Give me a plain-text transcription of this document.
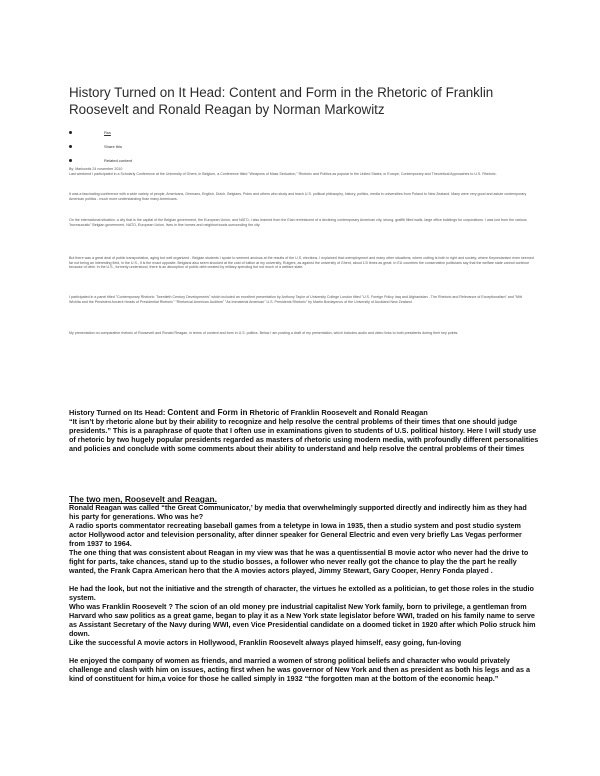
History Turned on It Head: Content and Form in the Rhetoric of Franklin Roosevelt and Ronald Reagan by Norman Markowitz
Rss
Share this
Related content
By: Markowitz 24 november 2010
Last weekend I participated in a Scholarly Conference at the University of Ghent, in Belgium, a Conference titled "Weapons of Mass Seduction," Rhetoric and Politics as popular in the United States, in Europe, Contemporary and Theoretical Approaches to U.S. Rhetoric.
It was a fascinating conference with a wide variety of people, Americans, Germans, English, Dutch, Belgians, Poles and others who study and teach U.S. political philosophy, history, politics, media in universities from Poland to New Zealand. Many were very good and astute contemporary American politics - much more understanding than many Americans.
On the international situation, a city that is the capital of the Belgian government, the European Union, and NATO, I also learned from the Elan reminiscent of a declining contemporary American city, strong, graffiti filled walls, large office buildings for corporations. I was lost from the various "bureaucratic" Belgian government, NATO, European Union, lives in fine homes and neighborhoods surrounding the city.
But there was a great deal of public transportation, aging but well organized - Belgian students I spoke to seemed anxious at the results of the U.S. elections. I explained that unemployment and many other situations, where cutting is both in right and society, where Keynesianism even seemed far not being an interesting field, in the U.S., it is the exact opposite. Belgians also seem shocked at the cost of tuition at my university, Rutgers, as against the university of Ghent, about 1/3 times as great. In EU countries the conservative politicians say that the welfare state cannot continue because of debt. In the U.S., formerly understood, there is an absorption of public debt created by military spending but not much of a welfare state.
I participated in a panel titled "Contemporary Rhetoric: Twentieth Century Developments" which included an excellent presentation by Anthony Taylor of University College London titled "U.S. Foreign Policy Iraq and Afghanistan - The Rhetoric and Relevance of Exceptionalism" and "Mitt Wichita and the Persistent Ancient Heads of Presidential Rhetoric" "Rhetorical American Auditors" "As Immaterial American" U.S. Presidents Rhetoric" by Martin Bordayenov of the University of Auckland New Zealand.
My presentation on comparative rhetoric of Roosevelt and Ronald Reagan, in terms of content and form in U.S. politics. Below I am posting a draft of my presentation, which includes audio and video links to both presidents during their key points.
History Turned on Its Head: Content and Form in Rhetoric of Franklin Roosevelt and Ronald Reagan
“It isn’t by rhetoric alone but by their ability to recognize and help resolve the central problems of their times that one should judge presidents.” This is a paraphrase of quote that I often use in examinations given to students of U.S. political history. Here I will study use of rhetoric by two hugely popular presidents regarded as masters of rhetoric using modern media, with profoundly different personalities and policies and conclude with some comments about their ability to understand and help resolve the central problems of their times
The two men, Roosevelt and Reagan.
Ronald Reagan was called “the Great Communicator,’ by media that overwhelmingly supported directly and indirectly him as they had his party for generations. Who was he?
A radio sports commentator recreating baseball games from a teletype in Iowa in 1935, then a studio system and post studio system actor Hollywood actor and television personality, after dinner speaker for General Electric and even very briefly Las Vegas performer from 1937 to 1964.
The one thing that was consistent about Reagan in my view was that he was a quentissential B movie actor who never had the drive to fight for parts, take chances, stand up to the studio bosses, a follower who never really got the chance to play the the part he really wanted, the Frank Capra American hero that the A movies actors played, Jimmy Stewart, Gary Cooper, Henry Fonda played .
He had the look, but not the initiative and the strength of character, the virtues he extolled as a politician, to get those roles in the studio system.
Who was Franklin Roosevelt ? The scion of an old money pre industrial capitalist New York family, born to privilege, a gentleman from Harvard who saw politics as a great game, began to play it as a New York state legislator before WWI, traded on his family name to serve as Assistant Secretary of the Navy during WWI, even Vice Presidential candidate on a doomed ticket in 1920 after which Polio struck him down.
Like the successful A movie actors in Hollywood, Franklin Roosevelt always played himself, easy going, fun-loving
He enjoyed the company of women as friends, and married a women of strong political beliefs and character who would privately challenge and clash with him on issues, acting first when he was governor of New York and then as president as both his legs and as a kind of constituent for him,a voice for those he called simply in 1932 “the forgotten man at the bottom of the economic heap.”
